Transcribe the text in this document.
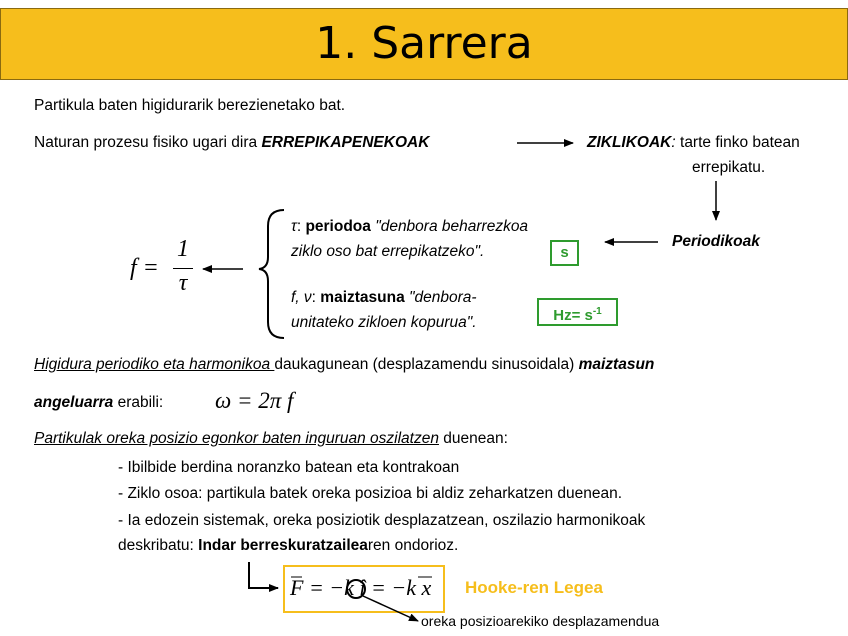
1. Sarrera
Partikula baten higidurarik berezienetako bat.
Naturan prozesu fisiko ugari dira ERREPIKAPENEKOAK	ZIKLIKOAK: tarte finko batean
errepikatu.
Periodikoak
f =
1
τ
τ: periodoa "denbora beharrezkoa
ziklo oso bat errepikatzeko".	s
f, ν: maiztasuna "denbora-
unitateko zikloen kopurua".	$Hz= s^{-1}$
Higidura periodiko eta harmonikoa daukagunean (desplazamendu sinusoidala) maiztasun
angeluarra erabili: ω = 2π f
Partikulak oreka posizio egonkor baten inguruan oszilatzen duenean:
- Ibilbide berdina noranzko batean eta kontrakoan
- Ziklo osoa: partikula batek oreka posizioa bi aldiz zeharkatzen duenean.
- Ia edozein sistemak, oreka posiziotik desplazatzean, oszilazio harmonikoak
deskribatu: Indar berreskuratzailearen ondorioz.
F = −k î = −k x Hooke-ren Legea
oreka posizioarekiko desplazamendua
